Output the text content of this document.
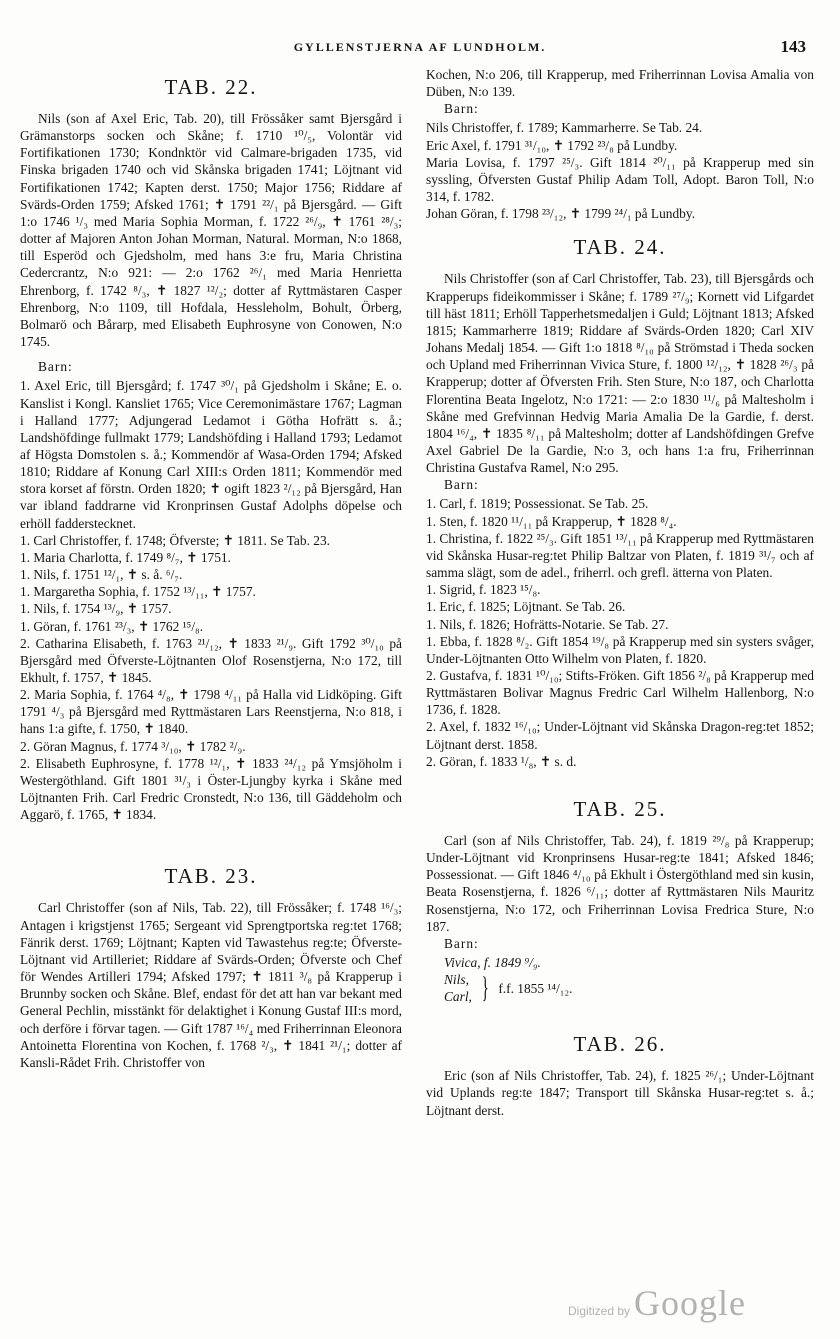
GYLLENSTJERNA AF LUNDHOLM.	143
TAB. 22.

Nils (son af Axel Eric, Tab. 20), till Frössåker samt Bjersgård i Grämanstorps socken och Skåne; f. 1710 ¹⁰/₅, Volontär vid Fortifikationen 1730; Kondnktör vid Calmare-brigaden 1735, vid Finska brigaden 1740 och vid Skånska brigaden 1741; Löjtnant vid Fortifikationen 1742; Kapten derst. 1750; Major 1756; Riddare af Svärds-Orden 1759; Afsked 1761; ✝ 1791 ²²/₁ på Bjersgård. — Gift 1:o 1746 ¹/₃ med Maria Sophia Morman, f. 1722 ²⁶/₉, ✝ 1761 ²⁸/₃; dotter af Majoren Anton Johan Morman, Natural. Morman, N:o 1868, till Esperöd och Gjedsholm, med hans 3:e fru, Maria Christina Cedercrantz, N:o 921: — 2:o 1762 ²⁶/₁ med Maria Henrietta Ehrenborg, f. 1742 ⁸/₃, ✝ 1827 ¹²/₂; dotter af Ryttmästaren Casper Ehrenborg, N:o 1109, till Hofdala, Hessleholm, Bohult, Örberg, Bolmarö och Bårarp, med Elisabeth Euphrosyne von Conowen, N:o 1745.

Barn:

1. Axel Eric, till Bjersgård; f. 1747 ³⁰/₁ på Gjedsholm i Skåne; E. o. Kanslist i Kongl. Kansliet 1765; Vice Ceremonimästare 1767; Lagman i Halland 1777; Adjungerad Ledamot i Götha Hofrätt s. å.; Landshöfdinge fullmakt 1779; Landshöfding i Halland 1793; Ledamot af Högsta Domstolen s. å.; Kommendör af Wasa-Orden 1794; Afsked 1810; Riddare af Konung Carl XIII:s Orden 1811; Kommendör med stora korset af förstn. Orden 1820; ✝ ogift 1823 ²/₁₂ på Bjersgård, Han var ibland faddrarne vid Kronprinsen Gustaf Adolphs döpelse och erhöll fadderstecknet.

1. Carl Christoffer, f. 1748; Öfverste; ✝ 1811. Se Tab. 23.

1. Maria Charlotta, f. 1749 ⁸/₇, ✝ 1751.

1. Nils, f. 1751 ¹²/₁, ✝ s. å. ⁶/₇.

1. Margaretha Sophia, f. 1752 ¹³/₁₁, ✝ 1757.

1. Nils, f. 1754 ¹³/₉, ✝ 1757.

1. Göran, f. 1761 ²³/₃, ✝ 1762 ¹⁵/₈.

2. Catharina Elisabeth, f. 1763 ²¹/₁₂, ✝ 1833 ²¹/₉. Gift 1792 ³⁰/₁₀ på Bjersgård med Öfverste-Löjtnanten Olof Rosenstjerna, N:o 172, till Ekhult, f. 1757, ✝ 1845.

2. Maria Sophia, f. 1764 ⁴/₈, ✝ 1798 ⁴/₁₁ på Halla vid Lidköping. Gift 1791 ⁴/₃ på Bjersgård med Ryttmästaren Lars Reenstjerna, N:o 818, i hans 1:a gifte, f. 1750, ✝ 1840.

2. Göran Magnus, f. 1774 ³/₁₀, ✝ 1782 ²/₉.

2. Elisabeth Euphrosyne, f. 1778 ¹²/₁, ✝ 1833 ²⁴/₁₂ på Ymsjöholm i Westergöthland. Gift 1801 ³¹/₃ i Öster-Ljungby kyrka i Skåne med Löjtnanten Frih. Carl Fredric Cronstedt, N:o 136, till Gäddeholm och Aggarö, f. 1765, ✝ 1834.

TAB. 23.

Carl Christoffer (son af Nils, Tab. 22), till Frössåker; f. 1748 ¹⁶/₃; Antagen i krigstjenst 1765; Sergeant vid Sprengtportska reg:tet 1768; Fänrik derst. 1769; Löjtnant; Kapten vid Tawastehus reg:te; Öfverste-Löjtnant vid Artilleriet; Riddare af Svärds-Orden; Öfverste och Chef för Wendes Artilleri 1794; Afsked 1797; ✝ 1811 ³/₈ på Krapperup i Brunnby socken och Skåne. Blef, endast för det att han var bekant med General Pechlin, misstänkt för delaktighet i Konung Gustaf III:s mord, och derföre i förvar tagen. — Gift 1787 ¹⁶/₄ med Friherrinnan Eleonora Antoinetta Florentina von Kochen, f. 1768 ²/₃, ✝ 1841 ²¹/₁; dotter af Kansli-Rådet Frih. Christoffer von

Kochen, N:o 206, till Krapperup, med Friherrinnan Lovisa Amalia von Düben, N:o 139.

Barn:

Nils Christoffer, f. 1789; Kammarherre. Se Tab. 24.

Eric Axel, f. 1791 ³¹/₁₀, ✝ 1792 ²³/₈ på Lundby.

Maria Lovisa, f. 1797 ²⁵/₃. Gift 1814 ²⁰/₁₁ på Krapperup med sin syssling, Öfversten Gustaf Philip Adam Toll, Adopt. Baron Toll, N:o 314, f. 1782.

Johan Göran, f. 1798 ²³/₁₂, ✝ 1799 ²⁴/₁ på Lundby.

TAB. 24.

Nils Christoffer (son af Carl Christoffer, Tab. 23), till Bjersgårds och Krapperups fideikommisser i Skåne; f. 1789 ²⁷/₉; Kornett vid Lifgardet till häst 1811; Erhöll Tapperhetsmedaljen i Guld; Löjtnant 1813; Afsked 1815; Kammarherre 1819; Riddare af Svärds-Orden 1820; Carl XIV Johans Medalj 1854. — Gift 1:o 1818 ⁸/₁₀ på Strömstad i Theda socken och Upland med Friherrinnan Vivica Sture, f. 1800 ¹²/₁₂, ✝ 1828 ²⁶/₃ på Krapperup; dotter af Öfversten Frih. Sten Sture, N:o 187, och Charlotta Florentina Beata Ingelotz, N:o 1721: — 2:o 1830 ¹¹/₆ på Maltesholm i Skåne med Grefvinnan Hedvig Maria Amalia De la Gardie, f. derst. 1804 ¹⁶/₄, ✝ 1835 ⁸/₁₁ på Maltesholm; dotter af Landshöfdingen Grefve Axel Gabriel De la Gardie, N:o 3, och hans 1:a fru, Friherrinnan Christina Gustafva Ramel, N:o 295.

Barn:

1. Carl, f. 1819; Possessionat. Se Tab. 25.

1. Sten, f. 1820 ¹¹/₁₁ på Krapperup, ✝ 1828 ⁸/₄.

1. Christina, f. 1822 ²⁵/₃. Gift 1851 ¹³/₁₁ på Krapperup med Ryttmästaren vid Skånska Husar-reg:tet Philip Baltzar von Platen, f. 1819 ³¹/₇ och af samma slägt, som de adel., friherrl. och grefl. ätterna von Platen.

1. Sigrid, f. 1823 ¹⁵/₈.

1. Eric, f. 1825; Löjtnant. Se Tab. 26.

1. Nils, f. 1826; Hofrätts-Notarie. Se Tab. 27.

1. Ebba, f. 1828 ⁸/₂. Gift 1854 ¹⁹/₈ på Krapperup med sin systers svåger, Under-Löjtnanten Otto Wilhelm von Platen, f. 1820.

2. Gustafva, f. 1831 ¹⁰/₁₀; Stifts-Fröken. Gift 1856 ²/₈ på Krapperup med Ryttmästaren Bolivar Magnus Fredric Carl Wilhelm Hallenborg, N:o 1736, f. 1828.

2. Axel, f. 1832 ¹⁶/₁₀; Under-Löjtnant vid Skånska Dragon-reg:tet 1852; Löjtnant derst. 1858.

2. Göran, f. 1833 ¹/₈, ✝ s. d.

TAB. 25.

Carl (son af Nils Christoffer, Tab. 24), f. 1819 ²⁹/₈ på Krapperup; Under-Löjtnant vid Kronprinsens Husar-reg:te 1841; Afsked 1846; Possessionat. — Gift 1846 ⁴/₁₀ på Ekhult i Östergöthland med sin kusin, Beata Rosenstjerna, f. 1826 ⁶/₁₁; dotter af Ryttmästaren Nils Mauritz Rosenstjerna, N:o 172, och Friherrinnan Lovisa Fredrica Sture, N:o 187.

Barn:

Vivica, f. 1849 ⁹/₉.

Nils,
Carl, } f.f. 1855 ¹⁴/₁₂.
TAB. 26.

Eric (son af Nils Christoffer, Tab. 24), f. 1825 ²⁶/₁; Under-Löjtnant vid Uplands reg:te 1847; Transport till Skånska Husar-reg:tet s. å.; Löjtnant derst.

Digitized by Google
